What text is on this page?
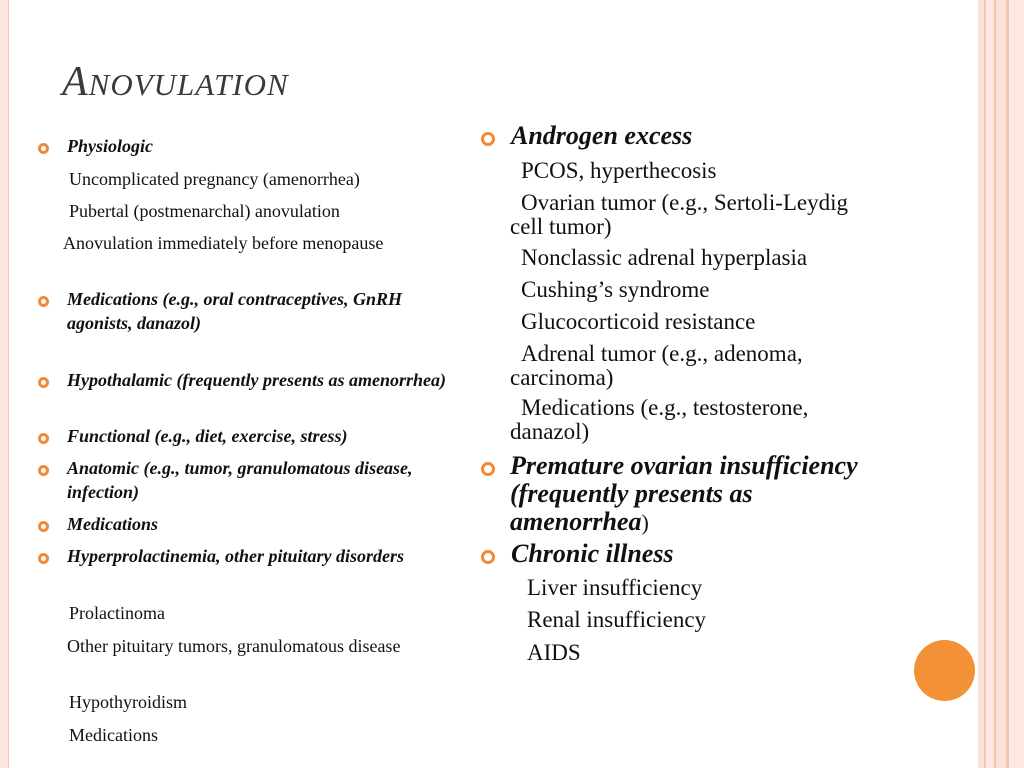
ANOVULATION
Physiologic
Uncomplicated pregnancy (amenorrhea)
Pubertal (postmenarchal) anovulation
Anovulation immediately before menopause
Medications (e.g., oral contraceptives, GnRH agonists, danazol)
Hypothalamic (frequently presents as amenorrhea)
Functional (e.g., diet, exercise, stress)
Anatomic (e.g., tumor, granulomatous disease, infection)
Medications
Hyperprolactinemia, other pituitary disorders
Prolactinoma
Other pituitary tumors, granulomatous disease
Hypothyroidism
Medications
Androgen excess
PCOS, hyperthecosis
Ovarian tumor (e.g., Sertoli-Leydig cell tumor)
Nonclassic adrenal hyperplasia
Cushing’s syndrome
Glucocorticoid resistance
Adrenal tumor (e.g., adenoma, carcinoma)
Medications (e.g., testosterone, danazol)
Premature ovarian insufficiency (frequently presents as amenorrhea)
Chronic illness
Liver insufficiency
Renal insufficiency
AIDS
